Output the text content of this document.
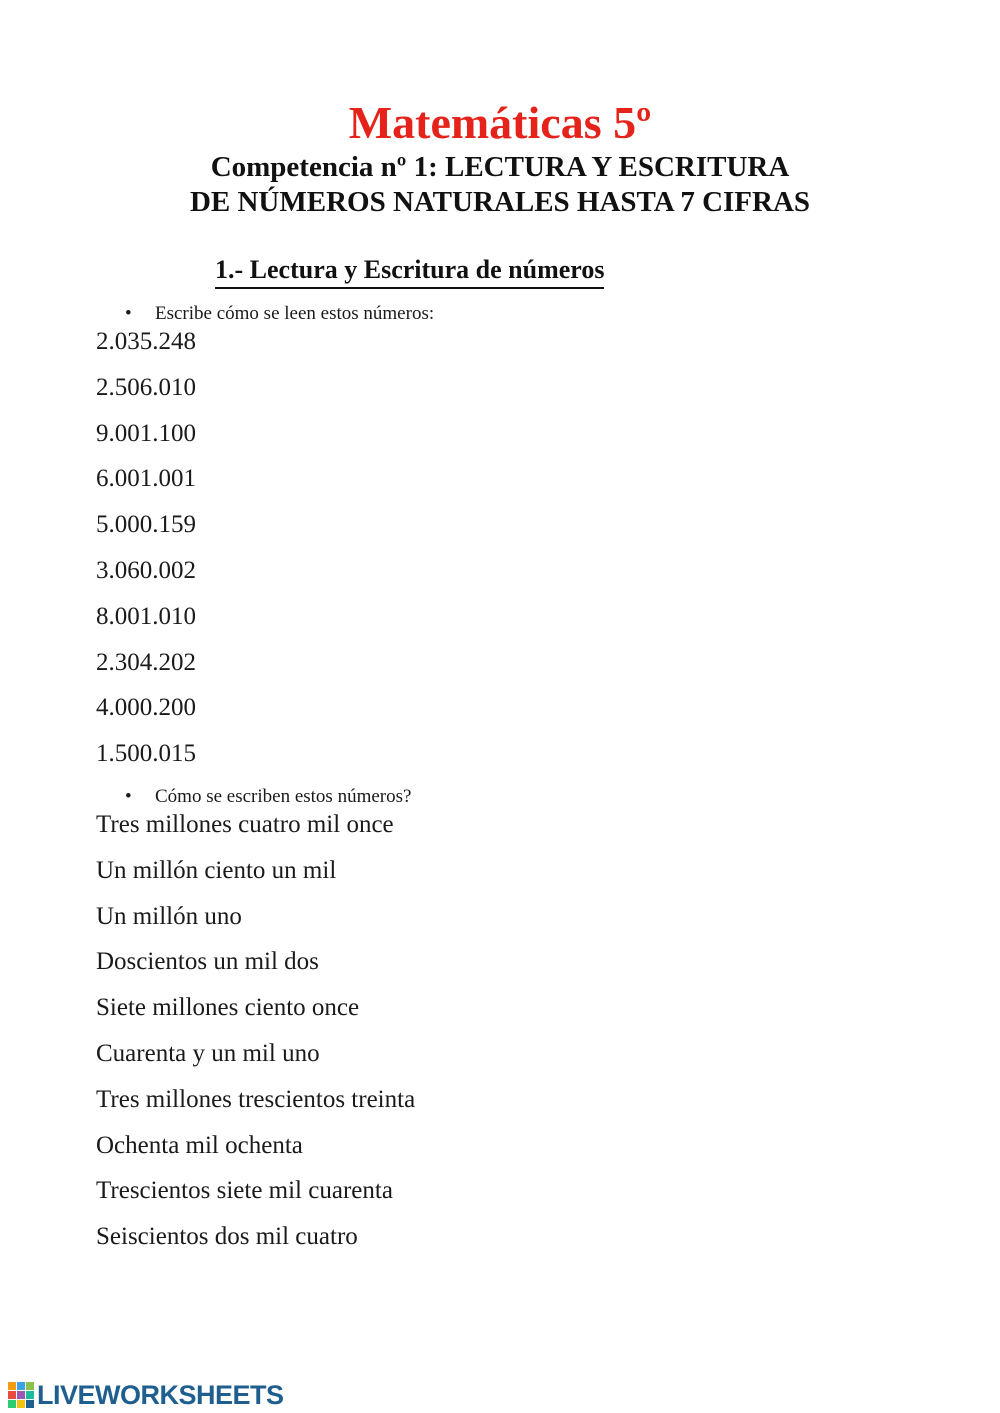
Matemáticas 5º
Competencia nº 1: LECTURA Y ESCRITURA
DE NÚMEROS NATURALES HASTA 7 CIFRAS
1.- Lectura y Escritura de números
• Escribe cómo se leen estos números:
2.035.248
2.506.010
9.001.100
6.001.001
5.000.159
3.060.002
8.001.010
2.304.202
4.000.200
1.500.015
• Cómo se escriben estos números?
Tres millones cuatro mil once
Un millón ciento un mil
Un millón uno
Doscientos un mil dos
Siete millones ciento once
Cuarenta y un mil uno
Tres millones trescientos treinta
Ochenta mil ochenta
Trescientos siete mil cuarenta
Seiscientos dos mil cuatro
LIVEWORKSHEETS
